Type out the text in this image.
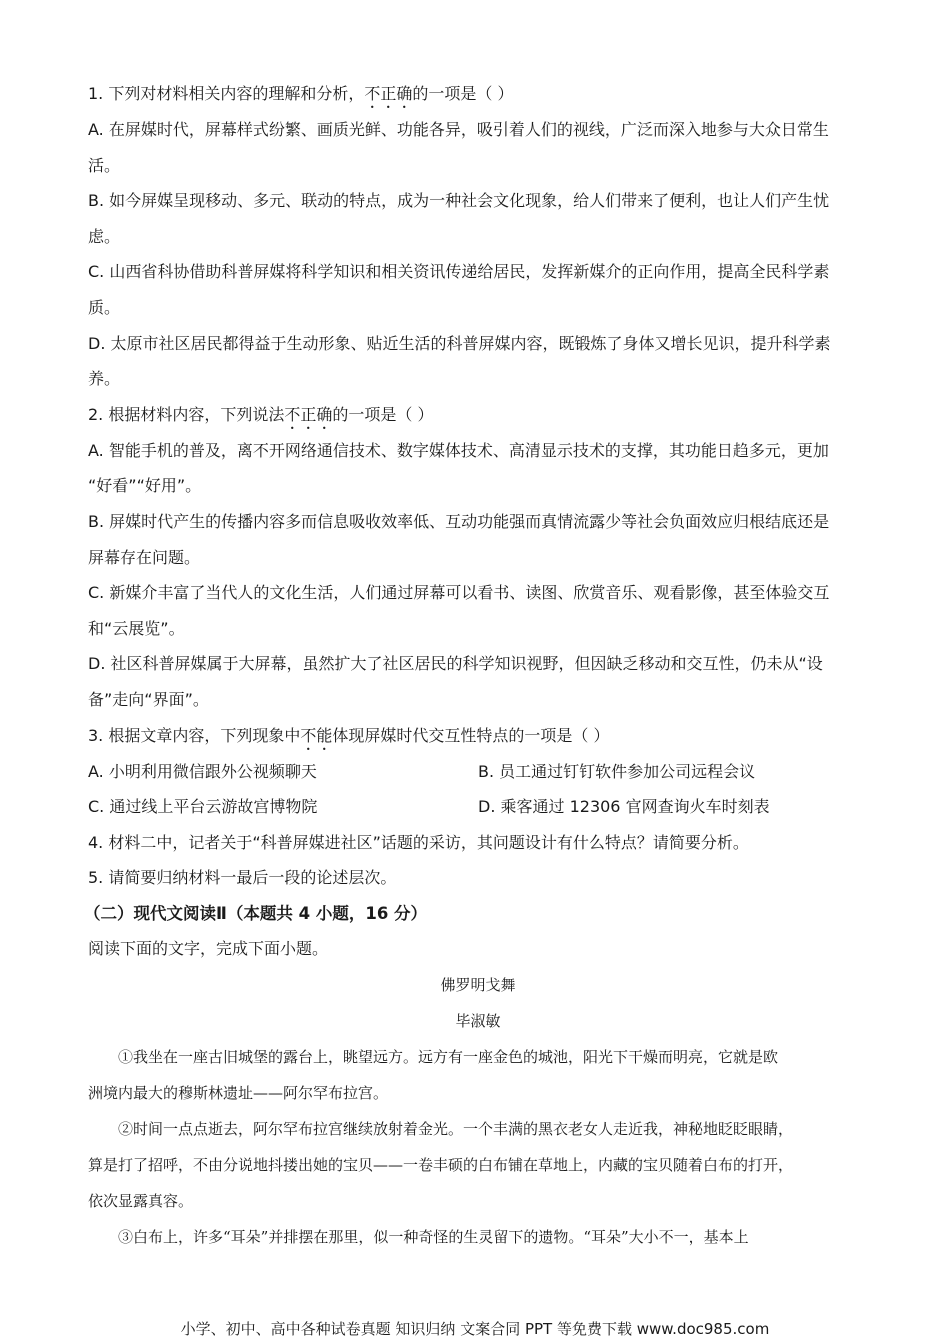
1. 下列对材料相关内容的理解和分析，不正确的一项是（ ）
A. 在屏媒时代，屏幕样式纷繁、画质光鲜、功能各异，吸引着人们的视线，广泛而深入地参与大众日常生
活。
B. 如今屏媒呈现移动、多元、联动的特点，成为一种社会文化现象，给人们带来了便利，也让人们产生忧
虑。
C. 山西省科协借助科普屏媒将科学知识和相关资讯传递给居民，发挥新媒介的正向作用，提高全民科学素
质。
D. 太原市社区居民都得益于生动形象、贴近生活的科普屏媒内容，既锻炼了身体又增长见识，提升科学素
养。
2. 根据材料内容，下列说法不正确的一项是（ ）
A. 智能手机的普及，离不开网络通信技术、数字媒体技术、高清显示技术的支撑，其功能日趋多元，更加
“好看”“好用”。
B. 屏媒时代产生的传播内容多而信息吸收效率低、互动功能强而真情流露少等社会负面效应归根结底还是
屏幕存在问题。
C. 新媒介丰富了当代人的文化生活，人们通过屏幕可以看书、读图、欣赏音乐、观看影像，甚至体验交互
和“云展览”。
D. 社区科普屏媒属于大屏幕，虽然扩大了社区居民的科学知识视野，但因缺乏移动和交互性，仍未从“设
备”走向“界面”。
3. 根据文章内容，下列现象中不能体现屏媒时代交互性特点的一项是（ ）
A. 小明利用微信跟外公视频聊天	B. 员工通过钉钉软件参加公司远程会议
C. 通过线上平台云游故宫博物院	D. 乘客通过 12306 官网查询火车时刻表
4. 材料二中，记者关于“科普屏媒进社区”话题的采访，其问题设计有什么特点？请简要分析。
5. 请简要归纳材料一最后一段的论述层次。
（二）现代文阅读Ⅱ（本题共 4 小题，16 分）
阅读下面的文字，完成下面小题。
佛罗明戈舞
毕淑敏
①我坐在一座古旧城堡的露台上，眺望远方。远方有一座金色的城池，阳光下干燥而明亮，它就是欧
洲境内最大的穆斯林遗址——阿尔罕布拉宫。
②时间一点点逝去，阿尔罕布拉宫继续放射着金光。一个丰满的黑衣老女人走近我，神秘地眨眨眼睛，
算是打了招呼，不由分说地抖搂出她的宝贝——一卷丰硕的白布铺在草地上，内藏的宝贝随着白布的打开，
依次显露真容。
③白布上，许多“耳朵”并排摆在那里，似一种奇怪的生灵留下的遗物。“耳朵”大小不一，基本上
小学、初中、高中各种试卷真题 知识归纳 文案合同 PPT 等免费下载 www.doc985.com
